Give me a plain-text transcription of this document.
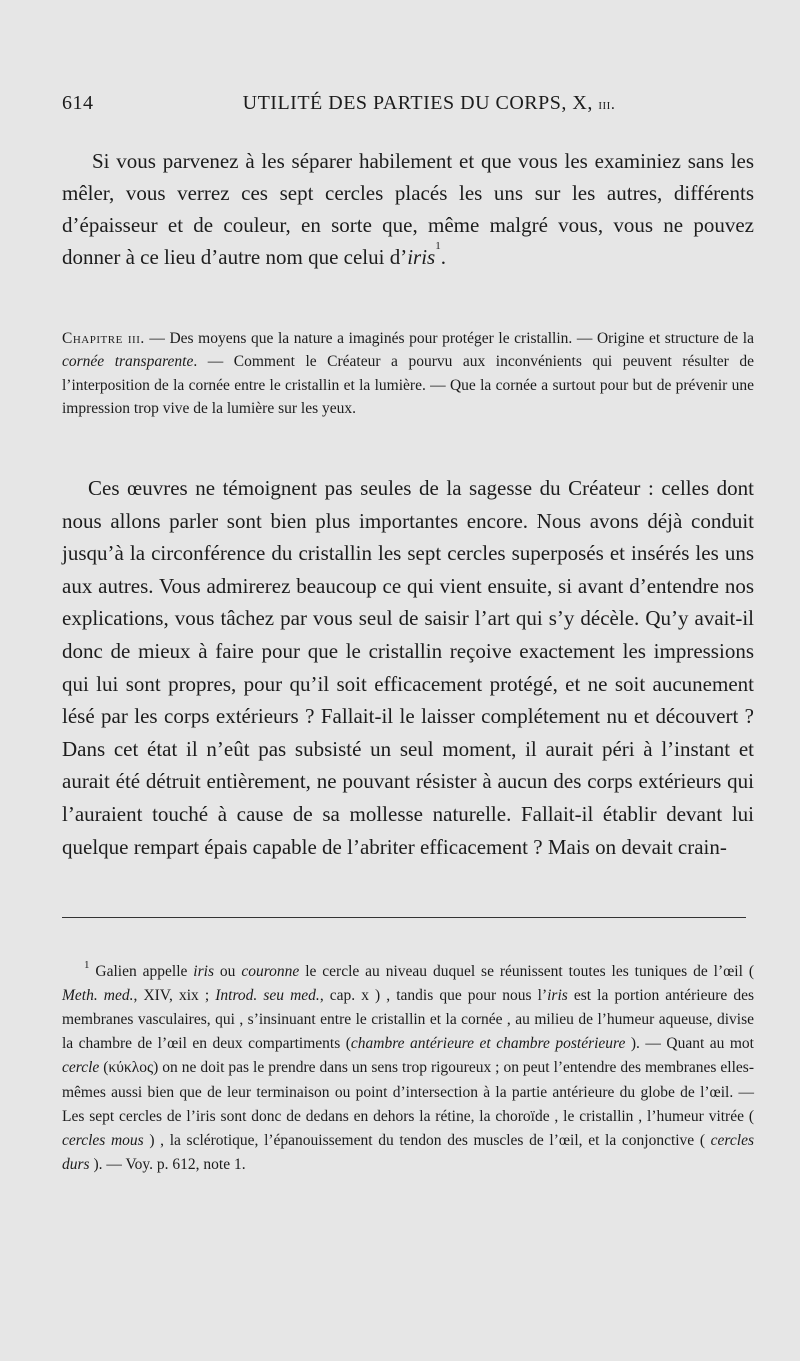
614	UTILITÉ DES PARTIES DU CORPS, X, iii.

Si vous parvenez à les séparer habilement et que vous les examiniez sans les mêler, vous verrez ces sept cercles placés les uns sur les autres, différents d’épaisseur et de couleur, en sorte que, même malgré vous, vous ne pouvez donner à ce lieu d’autre nom que celui d’iris$^1$.

Chapitre iii. — Des moyens que la nature a imaginés pour protéger le cristallin. — Origine et structure de la cornée transparente. — Comment le Créateur a pourvu aux inconvénients qui peuvent résulter de l’interposition de la cornée entre le cristallin et la lumière. — Que la cornée a surtout pour but de prévenir une impression trop vive de la lumière sur les yeux.

Ces œuvres ne témoignent pas seules de la sagesse du Créateur : celles dont nous allons parler sont bien plus importantes encore. Nous avons déjà conduit jusqu’à la circonférence du cristallin les sept cercles superposés et insérés les uns aux autres. Vous admirerez beaucoup ce qui vient ensuite, si avant d’entendre nos explications, vous tâchez par vous seul de saisir l’art qui s’y décèle. Qu’y avait-il donc de mieux à faire pour que le cristallin reçoive exactement les impressions qui lui sont propres, pour qu’il soit efficacement protégé, et ne soit aucunement lésé par les corps extérieurs ? Fallait-il le laisser complétement nu et découvert ? Dans cet état il n’eût pas subsisté un seul moment, il aurait péri à l’instant et aurait été détruit entièrement, ne pouvant résister à aucun des corps extérieurs qui l’auraient touché à cause de sa mollesse naturelle. Fallait-il établir devant lui quelque rempart épais capable de l’abriter efficacement ? Mais on devait crain-

$^1$ Galien appelle iris ou couronne le cercle au niveau duquel se réunissent toutes les tuniques de l’œil ( Meth. med., XIV, xix ; Introd. seu med., cap. x ) , tandis que pour nous l’iris est la portion antérieure des membranes vasculaires, qui , s’insinuant entre le cristallin et la cornée , au milieu de l’humeur aqueuse, divise la chambre de l’œil en deux compartiments (chambre antérieure et chambre postérieure ). — Quant au mot cercle (κύκλος) on ne doit pas le prendre dans un sens trop rigoureux ; on peut l’entendre des membranes elles-mêmes aussi bien que de leur terminaison ou point d’intersection à la partie antérieure du globe de l’œil. — Les sept cercles de l’iris sont donc de dedans en dehors la rétine, la choroïde , le cristallin , l’humeur vitrée ( cercles mous ) , la sclérotique, l’épanouissement du tendon des muscles de l’œil, et la conjonctive ( cercles durs ). — Voy. p. 612, note 1.
